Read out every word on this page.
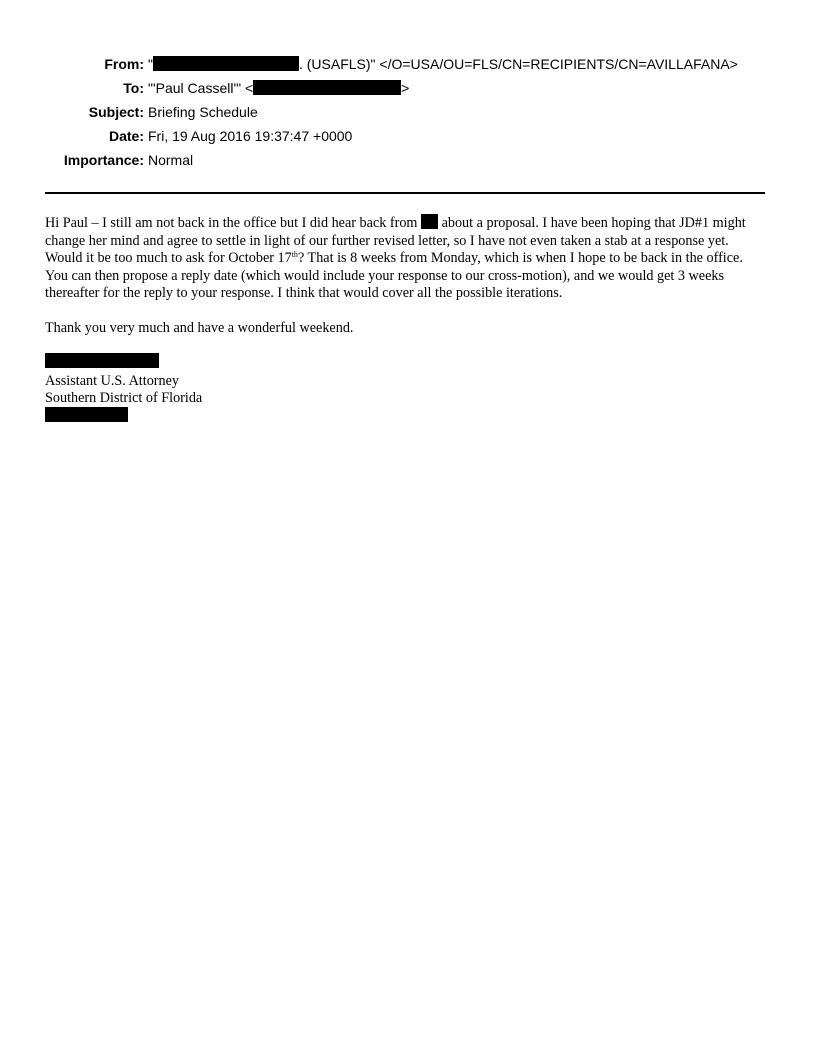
From: "	. (USAFLS)" </O=USA/OU=FLS/CN=RECIPIENTS/CN=AVILLAFANA>
To: "'Paul Cassell'" <	>
Subject: Briefing Schedule
Date: Fri, 19 Aug 2016 19:37:47 +0000
Importance: Normal

Hi Paul – I still am not back in the office but I did hear back from  about a proposal. I have been hoping that JD#1 might change her mind and agree to settle in light of our further revised letter, so I have not even taken a stab at a response yet. Would it be too much to ask for October 17th? That is 8 weeks from Monday, which is when I hope to be back in the office. You can then propose a reply date (which would include your response to our cross-motion), and we would get 3 weeks thereafter for the reply to your response. I think that would cover all the possible iterations.

Thank you very much and have a wonderful weekend.

Assistant U.S. Attorney
Southern District of Florida
